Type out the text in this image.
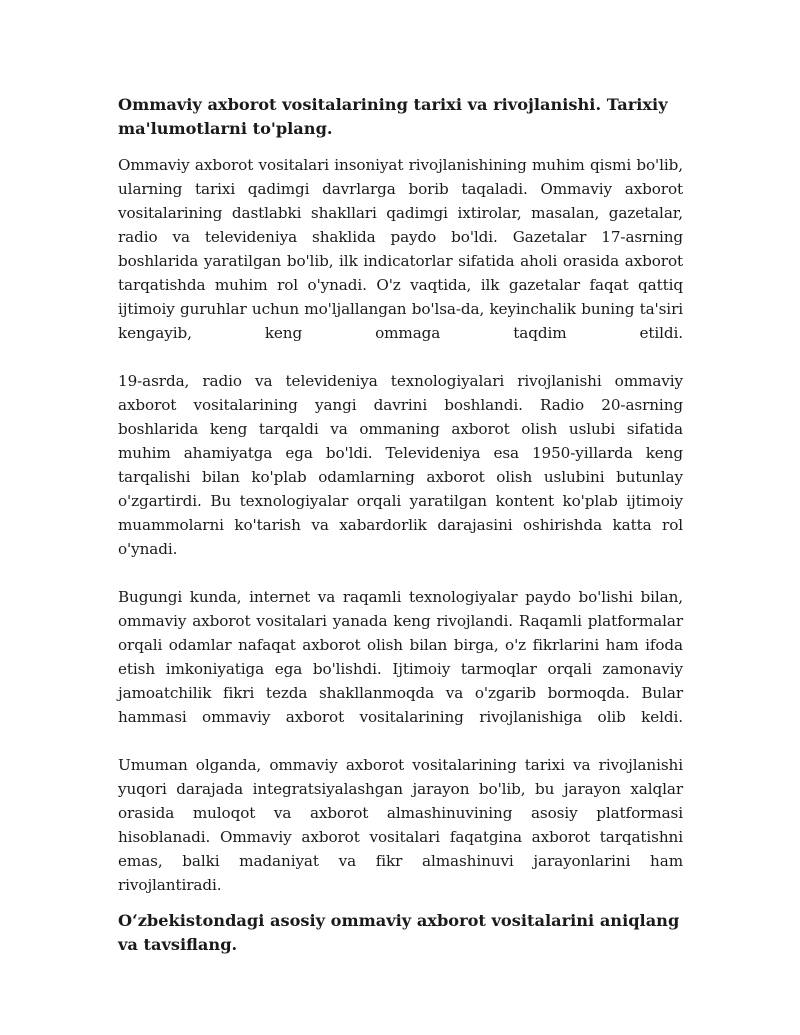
Ommaviy axborot vositalarining tarixi va rivojlanishi. Tarixiy ma'lumotlarni to'plang.
Ommaviy axborot vositalari insoniyat rivojlanishining muhim qismi bo'lib, ularning tarixi qadimgi davrlarga borib taqaladi. Ommaviy axborot vositalarining dastlabki shakllari qadimgi ixtirolar, masalan, gazetalar, radio va televideniya shaklida paydo bo'ldi. Gazetalar 17-asrning boshlarida yaratilgan bo'lib, ilk indicatorlar sifatida aholi orasida axborot tarqatishda muhim rol o'ynadi. O'z vaqtida, ilk gazetalar faqat qattiq ijtimoiy guruhlar uchun mo'ljallangan bo'lsa-da, keyinchalik buning ta'siri kengayib, keng ommaga taqdim etildi.
19-asrda, radio va televideniya texnologiyalari rivojlanishi ommaviy axborot vositalarining yangi davrini boshlandi. Radio 20-asrning boshlarida keng tarqaldi va ommaning axborot olish uslubi sifatida muhim ahamiyatga ega bo'ldi. Televideniya esa 1950-yillarda keng tarqalishi bilan ko'plab odamlarning axborot olish uslubini butunlay o'zgartirdi. Bu texnologiyalar orqali yaratilgan kontent ko'plab ijtimoiy muammolarni ko'tarish va xabardorlik darajasini oshirishda katta rol o'ynadi.
Bugungi kunda, internet va raqamli texnologiyalar paydo bo'lishi bilan, ommaviy axborot vositalari yanada keng rivojlandi. Raqamli platformalar orqali odamlar nafaqat axborot olish bilan birga, o'z fikrlarini ham ifoda etish imkoniyatiga ega bo'lishdi. Ijtimoiy tarmoqlar orqali zamonaviy jamoatchilik fikri tezda shakllanmoqda va o'zgarib bormoqda. Bular hammasi ommaviy axborot vositalarining rivojlanishiga olib keldi.
Umuman olganda, ommaviy axborot vositalarining tarixi va rivojlanishi yuqori darajada integratsiyalashgan jarayon bo'lib, bu jarayon xalqlar orasida muloqot va axborot almashinuvining asosiy platformasi hisoblanadi. Ommaviy axborot vositalari faqatgina axborot tarqatishni emas, balki madaniyat va fikr almashinuvi jarayonlarini ham rivojlantiradi.
O‘zbekistondagi asosiy ommaviy axborot vositalarini aniqlang va tavsiflang.
